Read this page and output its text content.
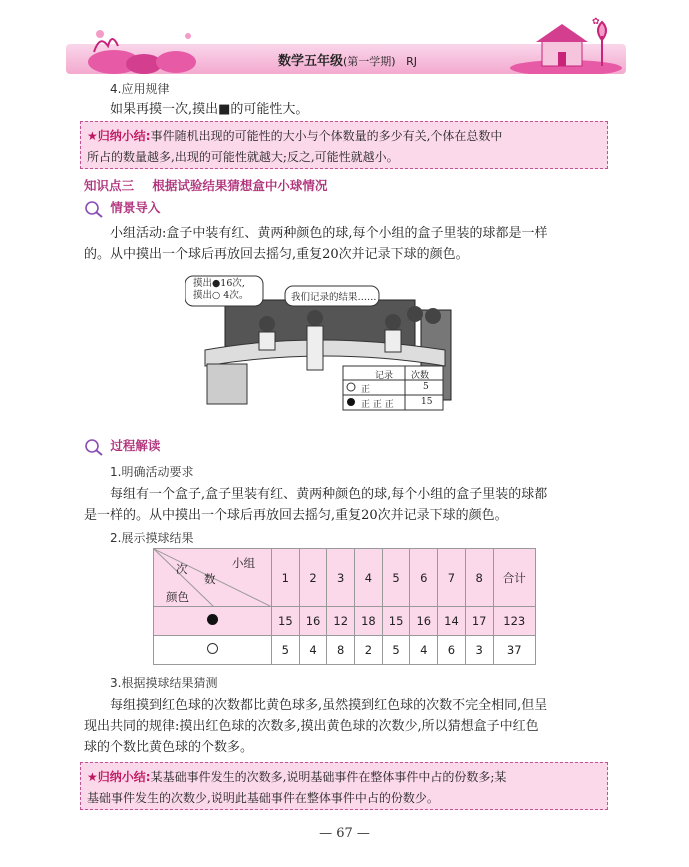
✿
数学五年级(第一学期) RJ
4.应用规律
如果再摸一次,摸出■的可能性大。
★归纳小结:事件随机出现的可能性的大小与个体数量的多少有关,个体在总数中
所占的数量越多,出现的可能性就越大;反之,可能性就越小。
知识点三 根据试验结果猜想盒中小球情况
情景导入
小组活动:盒子中装有红、黄两种颜色的球,每个小组的盒子里装的球都是一样
的。从中摸出一个球后再放回去摇匀,重复20次并记录下球的颜色。
摸出●16次,
摸出○ 4次。	我们记录的结果……
记录 次数
正	5
正 正 正	15
过程解读
1.明确活动要求
每组有一个盒子,盒子里装有红、黄两种颜色的球,每个小组的盒子里装的球都
是一样的。从中摸出一个球后再放回去摇匀,重复20次并记录下球的颜色。
2.展示摸球结果
小组
次
数
颜色	1	2	3	4	5	6	7	8	合计
	15	16	12	18	15	16	14	17	123
	5	4	8	2	5	4	6	3	37
3.根据摸球结果猜测
每组摸到红色球的次数都比黄色球多,虽然摸到红色球的次数不完全相同,但呈
现出共同的规律:摸出红色球的次数多,摸出黄色球的次数少,所以猜想盒子中红色
球的个数比黄色球的个数多。
★归纳小结:某基础事件发生的次数多,说明基础事件在整体事件中占的份数多;某
基础事件发生的次数少,说明此基础事件在整体事件中占的份数少。
— 67 —
